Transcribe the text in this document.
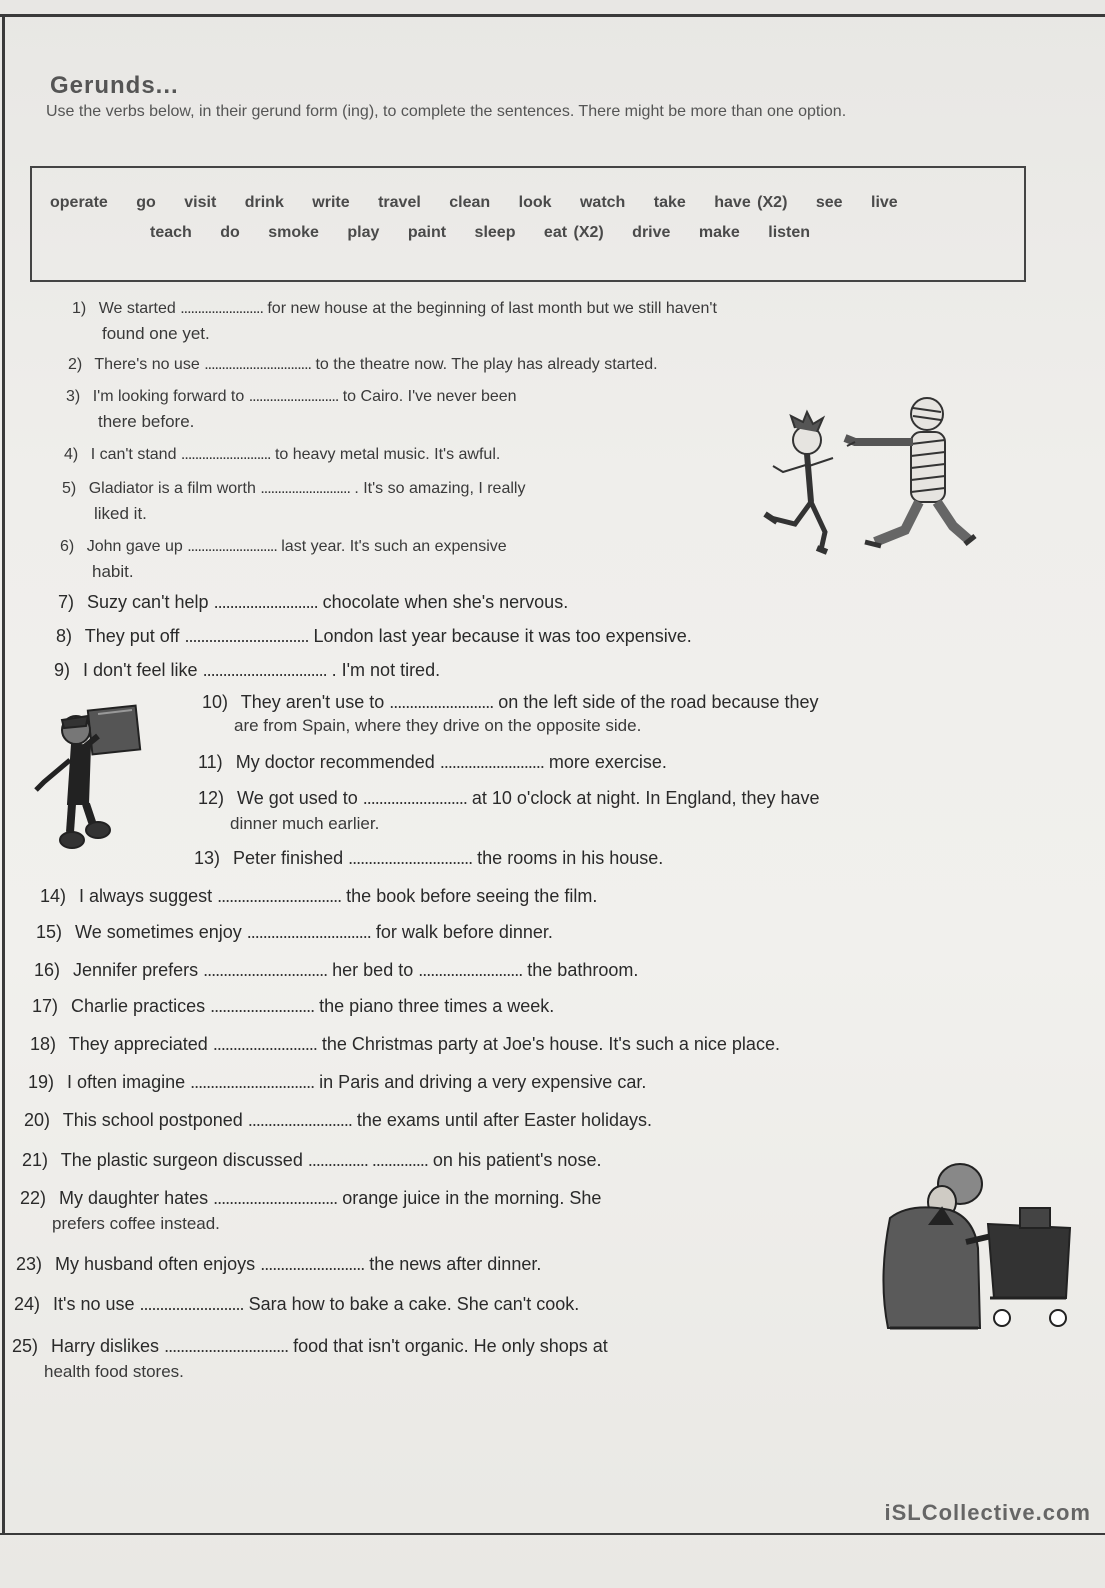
Gerunds...
Use the verbs below, in their gerund form (ing), to complete the sentences. There might be more than one option.
operate go visit drink write travel clean look watch take have (X2) see live
teach do smoke play paint sleep eat (X2) drive make listen
1) We started ........................ for new house at the beginning of last month but we still haven't
found one yet.
2) There's no use ............................... to the theatre now. The play has already started.
3) I'm looking forward to .......................... to Cairo. I've never been
there before.
4) I can't stand .......................... to heavy metal music. It's awful.
5) Gladiator is a film worth .......................... . It's so amazing, I really
liked it.
6) John gave up .......................... last year. It's such an expensive
habit.
7) Suzy can't help .......................... chocolate when she's nervous.
8) They put off ............................... London last year because it was too expensive.
9) I don't feel like ............................... . I'm not tired.
10) They aren't use to .......................... on the left side of the road because they
are from Spain, where they drive on the opposite side.
11) My doctor recommended .......................... more exercise.
12) We got used to .......................... at 10 o'clock at night. In England, they have
dinner much earlier.
13) Peter finished ............................... the rooms in his house.
14) I always suggest ............................... the book before seeing the film.
15) We sometimes enjoy ............................... for walk before dinner.
16) Jennifer prefers ............................... her bed to .......................... the bathroom.
17) Charlie practices .......................... the piano three times a week.
18) They appreciated .......................... the Christmas party at Joe's house. It's such a nice place.
19) I often imagine ............................... in Paris and driving a very expensive car.
20) This school postponed .......................... the exams until after Easter holidays.
21) The plastic surgeon discussed ............... .............. on his patient's nose.
22) My daughter hates ............................... orange juice in the morning. She
prefers coffee instead.
23) My husband often enjoys .......................... the news after dinner.
24) It's no use .......................... Sara how to bake a cake. She can't cook.
25) Harry dislikes ............................... food that isn't organic. He only shops at
health food stores.
iSLCollective.com
